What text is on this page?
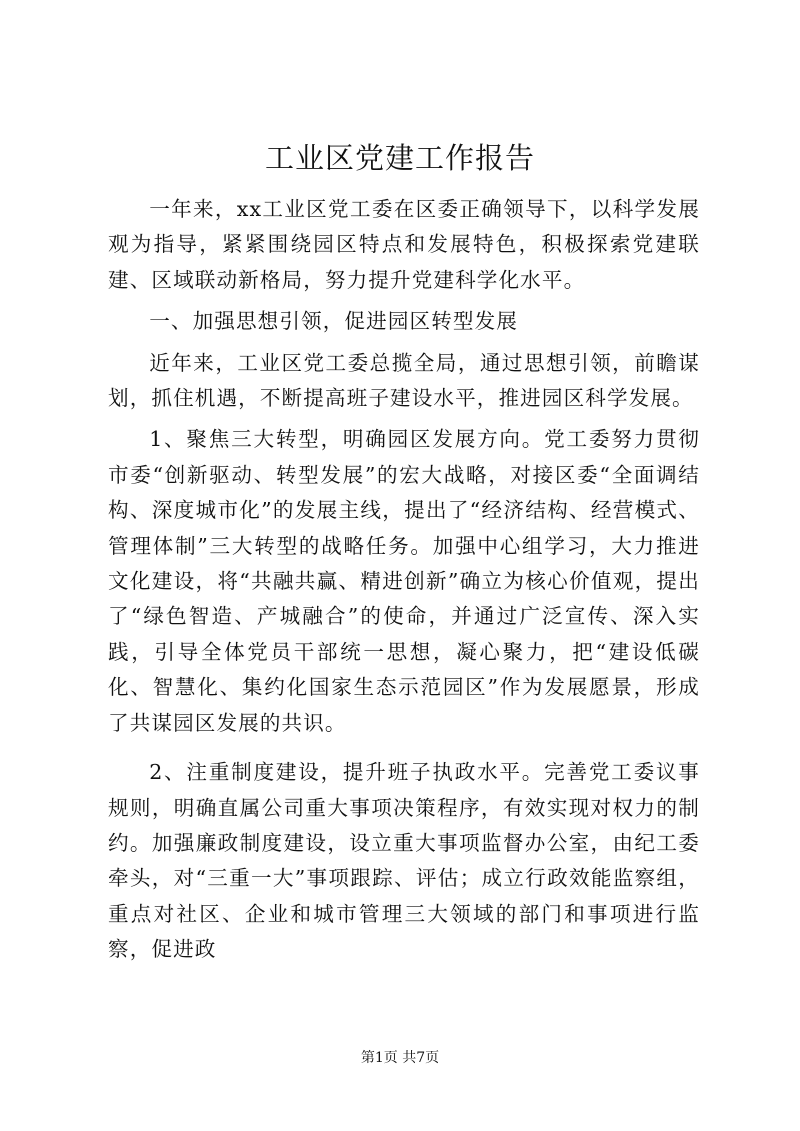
工业区党建工作报告

一年来，xx工业区党工委在区委正确领导下，以科学发展观为指导，紧紧围绕园区特点和发展特色，积极探索党建联建、区域联动新格局，努力提升党建科学化水平。

一、加强思想引领，促进园区转型发展

近年来，工业区党工委总揽全局，通过思想引领，前瞻谋划，抓住机遇，不断提高班子建设水平，推进园区科学发展。

1、聚焦三大转型，明确园区发展方向。党工委努力贯彻市委“创新驱动、转型发展”的宏大战略，对接区委“全面调结构、深度城市化”的发展主线，提出了“经济结构、经营模式、管理体制”三大转型的战略任务。加强中心组学习，大力推进文化建设，将“共融共赢、精进创新”确立为核心价值观，提出了“绿色智造、产城融合”的使命，并通过广泛宣传、深入实践，引导全体党员干部统一思想，凝心聚力，把“建设低碳化、智慧化、集约化国家生态示范园区”作为发展愿景，形成了共谋园区发展的共识。

2、注重制度建设，提升班子执政水平。完善党工委议事规则，明确直属公司重大事项决策程序，有效实现对权力的制约。加强廉政制度建设，设立重大事项监督办公室，由纪工委牵头，对“三重一大”事项跟踪、评估；成立行政效能监察组，重点对社区、企业和城市管理三大领域的部门和事项进行监察，促进政

第1页 共7页
